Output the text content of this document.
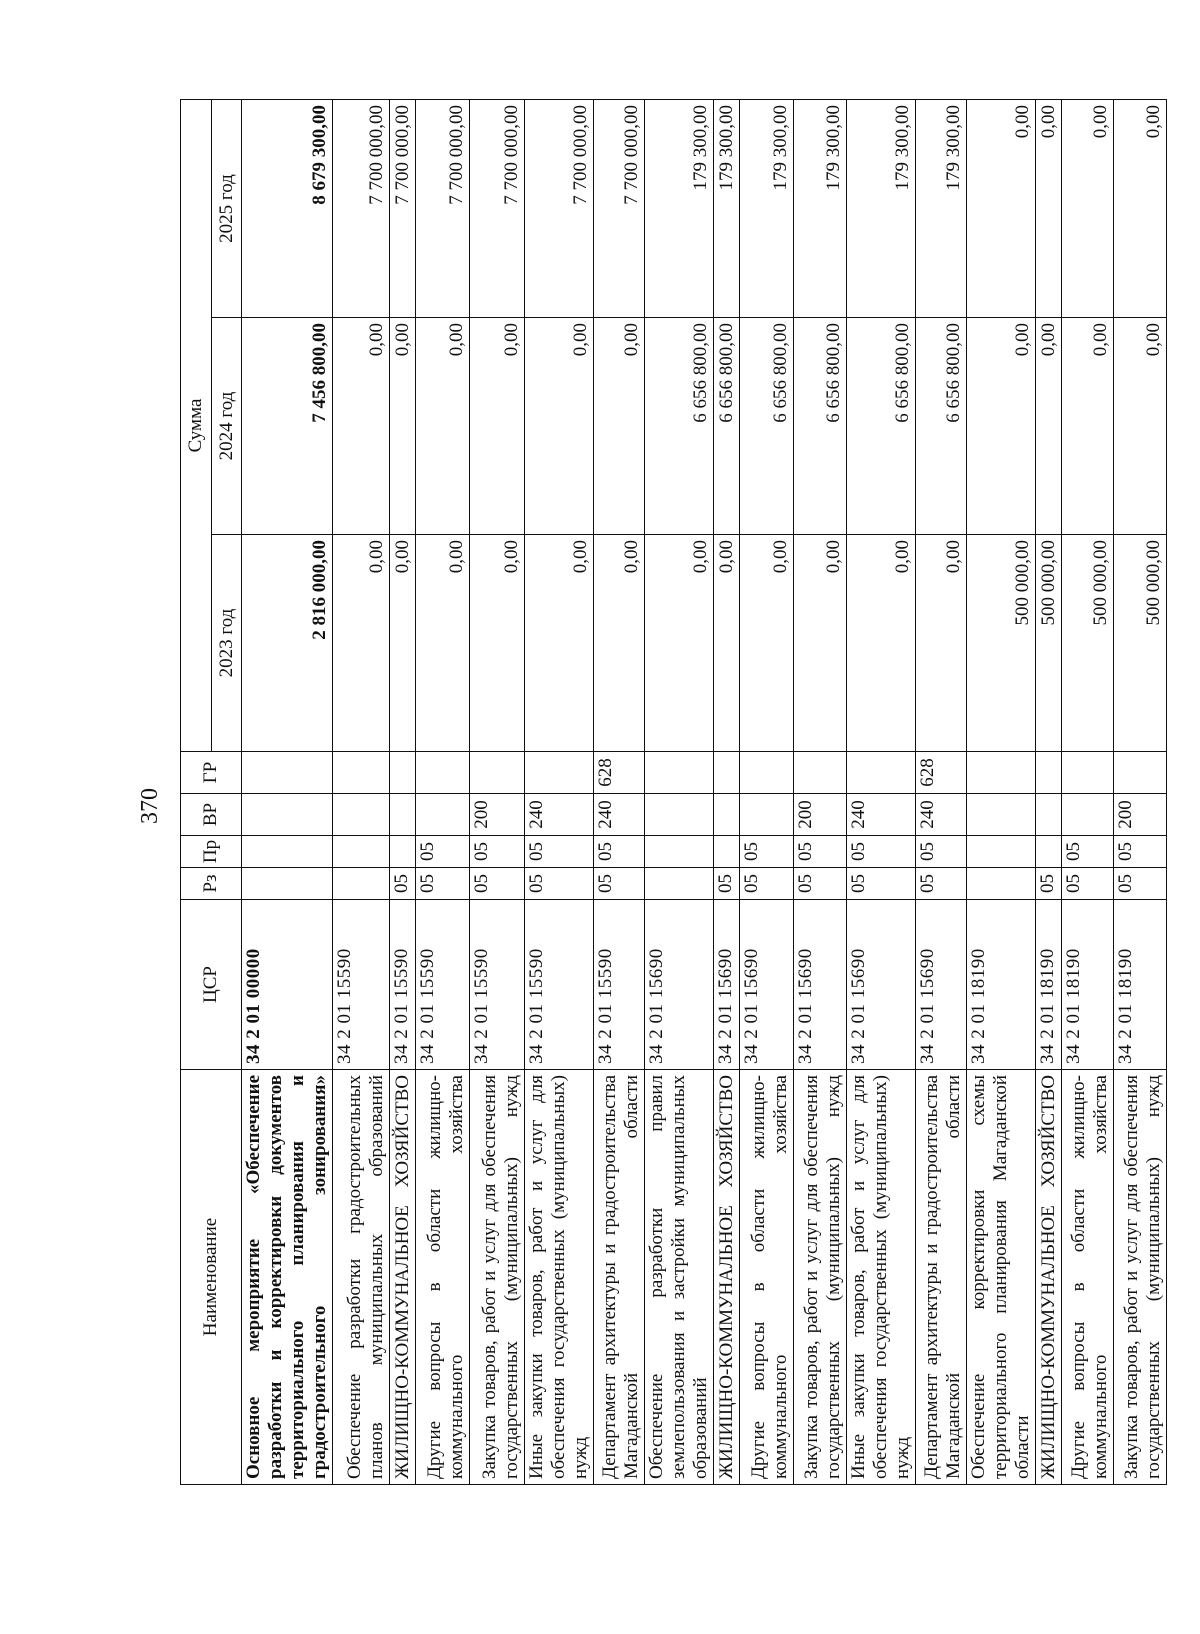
370
Наименование	ЦСР	Рз	Пр	ВР	ГР	Сумма		
						2023 год	2024 год	2025 год
Основное мероприятие «Обеспечение разработки и корректировки документов территориального планирования и градостроительного зонирования»	34 2 01 00000					2 816 000,00	7 456 800,00	8 679 300,00
Обеспечение разработки градостроительных планов муниципальных образований	34 2 01 15590					0,00	0,00	7 700 000,00
ЖИЛИЩНО-КОММУНАЛЬНОЕ ХОЗЯЙСТВО	34 2 01 15590	05				0,00	0,00	7 700 000,00
Другие вопросы в области жилищно-коммунального хозяйства	34 2 01 15590	05	05			0,00	0,00	7 700 000,00
Закупка товаров, работ и услуг для обеспечения государственных (муниципальных) нужд	34 2 01 15590	05	05	200		0,00	0,00	7 700 000,00
Иные закупки товаров, работ и услуг для обеспечения государственных (муниципальных) нужд	34 2 01 15590	05	05	240		0,00	0,00	7 700 000,00
Департамент архитектуры и градостроительства Магаданской области	34 2 01 15590	05	05	240	628	0,00	0,00	7 700 000,00
Обеспечение разработки правил землепользования и застройки муниципальных образований	34 2 01 15690					0,00	6 656 800,00	179 300,00
ЖИЛИЩНО-КОММУНАЛЬНОЕ ХОЗЯЙСТВО	34 2 01 15690	05				0,00	6 656 800,00	179 300,00
Другие вопросы в области жилищно-коммунального хозяйства	34 2 01 15690	05	05			0,00	6 656 800,00	179 300,00
Закупка товаров, работ и услуг для обеспечения государственных (муниципальных) нужд	34 2 01 15690	05	05	200		0,00	6 656 800,00	179 300,00
Иные закупки товаров, работ и услуг для обеспечения государственных (муниципальных) нужд	34 2 01 15690	05	05	240		0,00	6 656 800,00	179 300,00
Департамент архитектуры и градостроительства Магаданской области	34 2 01 15690	05	05	240	628	0,00	6 656 800,00	179 300,00
Обеспечение корректировки схемы территориального планирования Магаданской области	34 2 01 18190					500 000,00	0,00	0,00
ЖИЛИЩНО-КОММУНАЛЬНОЕ ХОЗЯЙСТВО	34 2 01 18190	05				500 000,00	0,00	0,00
Другие вопросы в области жилищно-коммунального хозяйства	34 2 01 18190	05	05			500 000,00	0,00	0,00
Закупка товаров, работ и услуг для обеспечения государственных (муниципальных) нужд	34 2 01 18190	05	05	200		500 000,00	0,00	0,00
